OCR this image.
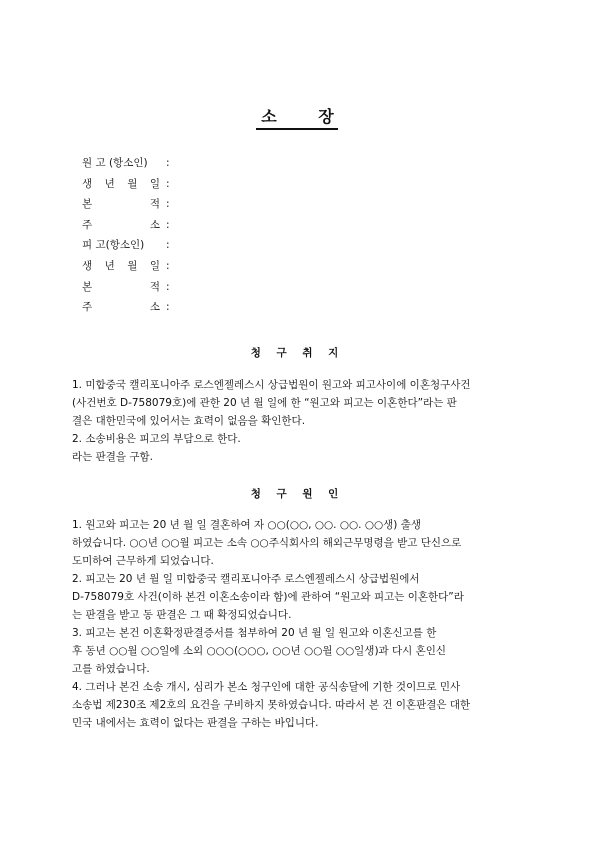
소 장
원 고 (항소인) :
생 년 월 일 :
본	적 :
주	소 :
피 고(항소인) :
생 년 월 일 :
본	적 :
주	소 :
청 구 취 지
1. 미합중국 캘리포니아주 로스엔젤레스시 상급법원이 원고와 피고사이에 이혼청구사건
(사건번호 D-758079호)에 관한 20 년 월 일에 한 “원고와 피고는 이혼한다”라는 판
결은 대한민국에 있어서는 효력이 없음을 확인한다.
2. 소송비용은 피고의 부담으로 한다.
라는 판결을 구함.
청 구 원 인
1. 원고와 피고는 20 년 월 일 결혼하여 자 ○○(○○, ○○. ○○. ○○생) 출생
하였습니다. ○○년 ○○월 피고는 소속 ○○주식회사의 해외근무명령을 받고 단신으로
도미하여 근무하게 되었습니다.
2. 피고는 20 년 월 일 미합중국 캘리포니아주 로스엔젤레스시 상급법원에서
D-758079호 사건(이하 본건 이혼소송이라 함)에 관하여 “원고와 피고는 이혼한다”라
는 판결을 받고 동 판결은 그 때 확정되었습니다.
3. 피고는 본건 이혼확정판결증서를 첨부하여 20 년 월 일 원고와 이혼신고를 한
후 동년 ○○월 ○○일에 소외 ○○○(○○○, ○○년 ○○월 ○○일생)과 다시 혼인신
고를 하였습니다.
4. 그러나 본건 소송 개시, 심리가 본소 청구인에 대한 공식송달에 기한 것이므로 민사
소송법 제230조 제2호의 요건을 구비하지 못하였습니다. 따라서 본 건 이혼판결은 대한
민국 내에서는 효력이 없다는 판결을 구하는 바입니다.
